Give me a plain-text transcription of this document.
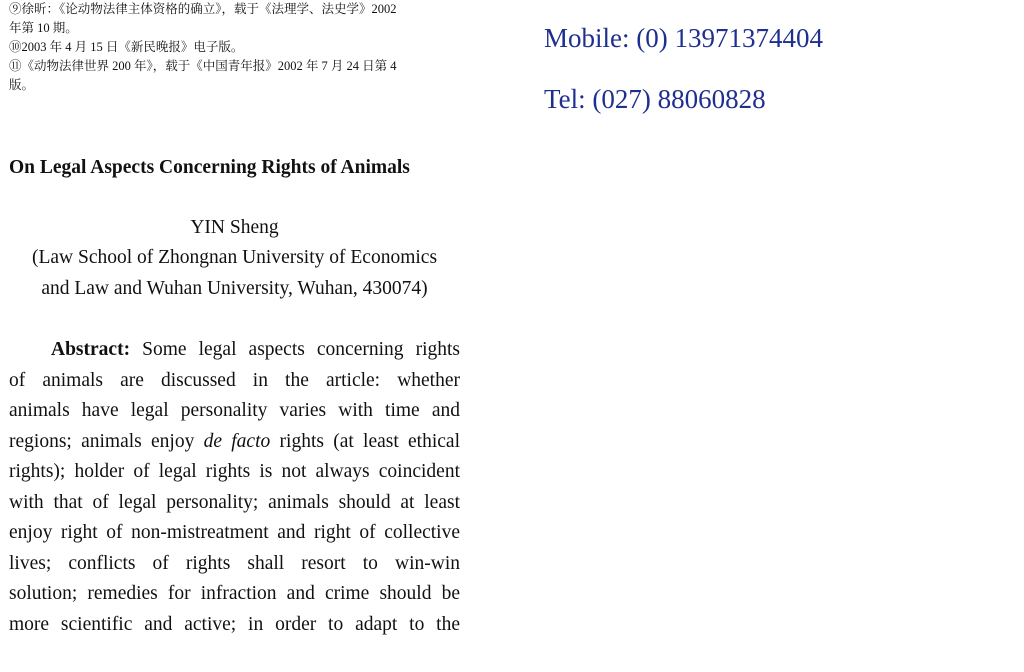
⑨徐昕：《论动物法律主体资格的确立》，载于《法理学、法史学》2002

年第 10 期。

⑩2003 年 4 月 15 日《新民晚报》电子版。

⑪《动物法律世界 200 年》，载于《中国青年报》2002 年 7 月 24 日第 4

版。

Mobile: (0) 13971374404
Tel: (027) 88060828
On Legal Aspects Concerning Rights of Animals
YIN Sheng
(Law School of Zhongnan University of Economics
and Law and Wuhan University, Wuhan, 430074)
Abstract: Some legal aspects concerning rights
of animals are discussed in the article: whether
animals have legal personality varies with time and
regions; animals enjoy de facto rights (at least ethical
rights); holder of legal rights is not always coincident
with that of legal personality; animals should at least
enjoy right of non-mistreatment and right of collective
lives; conflicts of rights shall resort to win-win
solution; remedies for infraction and crime should be
more scientific and active; in order to adapt to the
